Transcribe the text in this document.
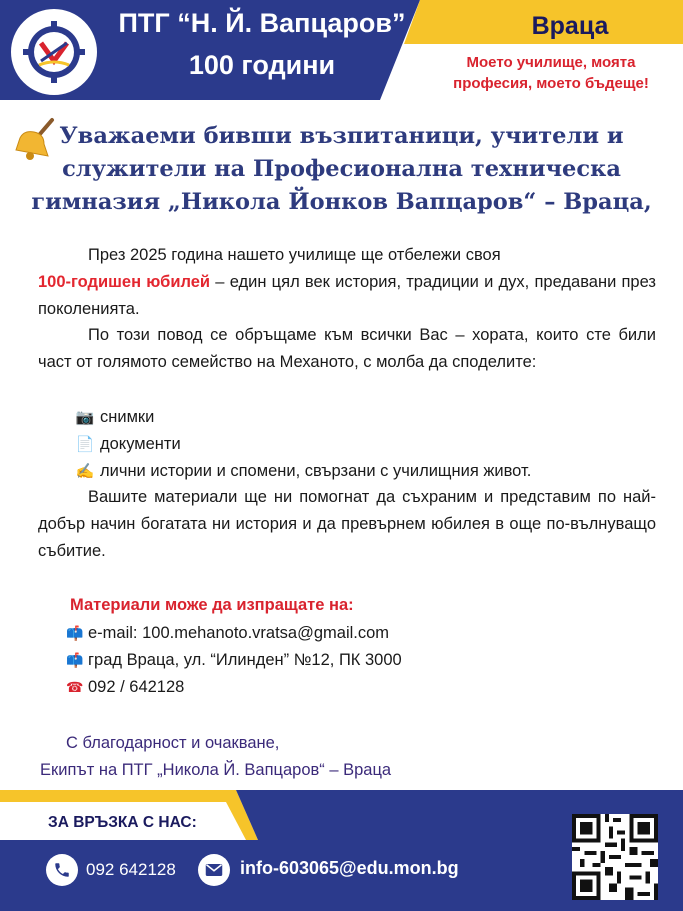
ПТГ “Н. Й. Вапцаров”
100 години
Враца
Моето училище, моята
професия, моето бъдеще!
Уважаеми бивши възпитаници, учители и
служители на Професионална техническа
гимназия „Никола Йонков Вапцаров“ – Враца,
През 2025 година нашето училище ще отбележи своя
100-годишен юбилей – един цял век история, традиции и дух, предавани през поколенията.
По този повод се обръщаме към всички Вас – хората, които сте били част от голямото семейство на Механото, с молба да споделите:
📷 снимки
📄 документи
✍ лични истории и спомени, свързани с училищния живот.
Вашите материали ще ни помогнат да съхраним и представим по най-добър начин богатата ни история и да превърнем юбилея в още по-вълнуващо събитие.
Материали може да изпращате на:
📫 e-mail: 100.mehanoto.vratsa@gmail.com
📫 град Враца, ул. “Илинден” №12, ПК 3000
☎ 092 / 642128
С благодарност и очакване,
Екипът на ПТГ „Никола Й. Вапцаров“ – Враца
ЗА ВРЪЗКА С НАС:
092 642128	info-603065@edu.mon.bg
